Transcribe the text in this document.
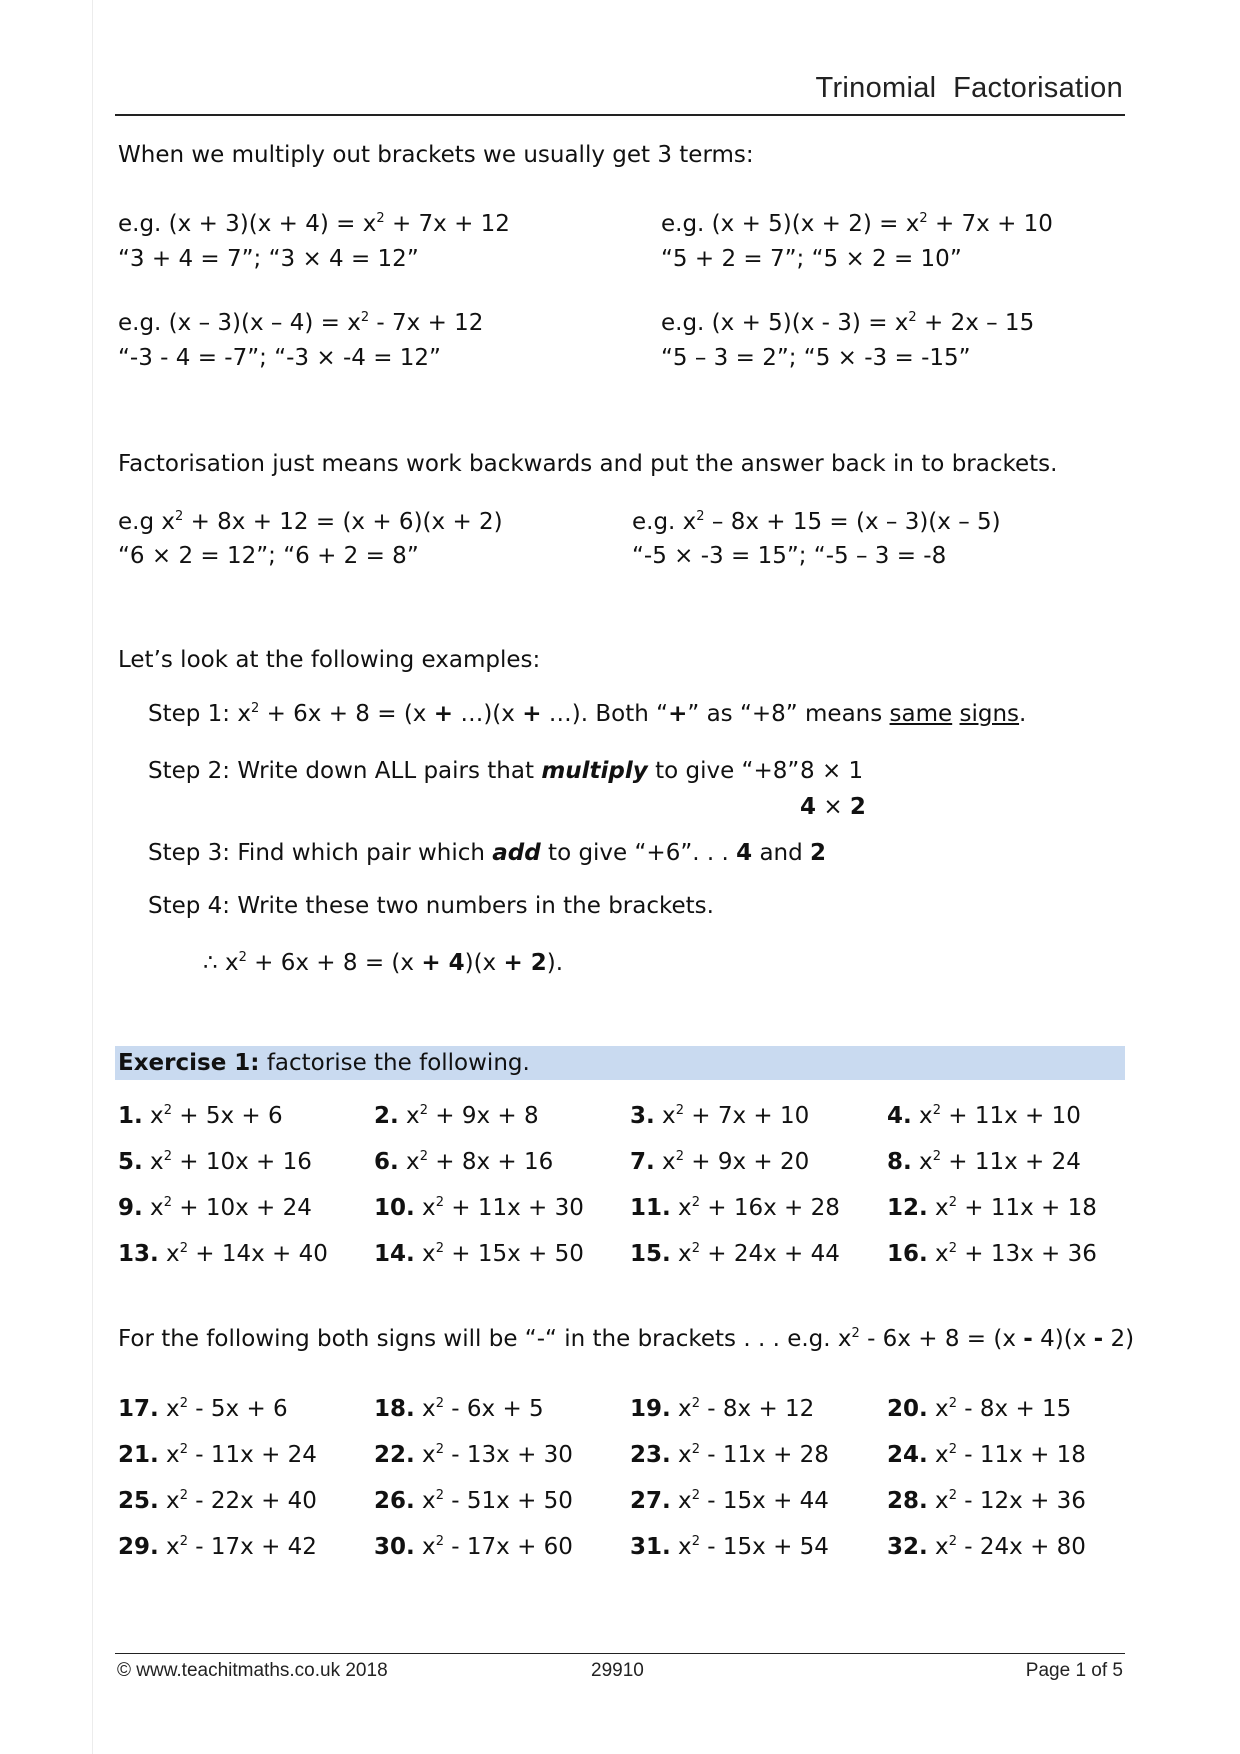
Trinomial  Factorisation
When we multiply out brackets we usually get 3 terms:
e.g. $(x + 3)(x + 4) = x^2 + 7x + 12$
“3 + 4 = 7”; “3 × 4 = 12”
e.g. $(x + 5)(x + 2) = x^2 + 7x + 10$
“5 + 2 = 7”; “5 × 2 = 10”
e.g. $(x - 3)(x - 4) = x^2 - 7x + 12$
“-3 - 4 = -7”; “-3 × -4 = 12”
e.g. $(x + 5)(x - 3) = x^2 + 2x - 15$
“5 – 3 = 2”; “5 × -3 = -15”
Factorisation just means work backwards and put the answer back in to brackets.
e.g $x^2 + 8x + 12 = (x + 6)(x + 2)$
“6 × 2 = 12”; “6 + 2 = 8”
e.g. $x^2 - 8x + 15 = (x - 3)(x - 5)$
“-5 × -3 = 15”; “-5 – 3 = -8
Let’s look at the following examples:
Step 1: $x^2 + 6x + 8 = (x$ + …)(x + …). Both “+” as “+8” means same signs.
Step 2: Write down ALL pairs that multiply to give “+8” 8 × 1
4 × 2
Step 3: Find which pair which add to give “+6”. . . 4 and 2
Step 4: Write these two numbers in the brackets.
∴ $x^2 + 6x + 8 = (x + 4)(x + 2)$.
Exercise 1: factorise the following.
1. $x^2 + 5x + 6$	2. $x^2 + 9x + 8$	3. $x^2 + 7x + 10$	4. $x^2 + 11x + 10$
5. $x^2 + 10x + 16$	6. $x^2 + 8x + 16$	7. $x^2 + 9x + 20$	8. $x^2 + 11x + 24$
9. $x^2 + 10x + 24$	10. $x^2 + 11x + 30$ 11. $x^2 + 16x + 28$ 12. $x^2 + 11x + 18$
13. $x^2 + 14x + 40$ 14. $x^2 + 15x + 50$ 15. $x^2 + 24x + 44$ 16. $x^2 + 13x + 36$
For the following both signs will be “-“ in the brackets . . . e.g. $x^2 - 6x + 8 = (x - 4)(x - 2)$
17. $x^2 - 5x + 6$	18. $x^2 - 6x + 5$	19. $x^2 - 8x + 12$	20. $x^2 - 8x + 15$
21. $x^2 - 11x + 24$ 22. $x^2 - 13x + 30$ 23. $x^2 - 11x + 28$	24. $x^2 - 11x + 18$
25. $x^2 - 22x + 40$ 26. $x^2 - 51x + 50$ 27. $x^2 - 15x + 44$	28. $x^2 - 12x + 36$
29. $x^2 - 17x + 42$ 30. $x^2 - 17x + 60$ 31. $x^2 - 15x + 54$	32. $x^2 - 24x + 80$
© www.teachitmaths.co.uk 2018	29910	Page 1 of 5
